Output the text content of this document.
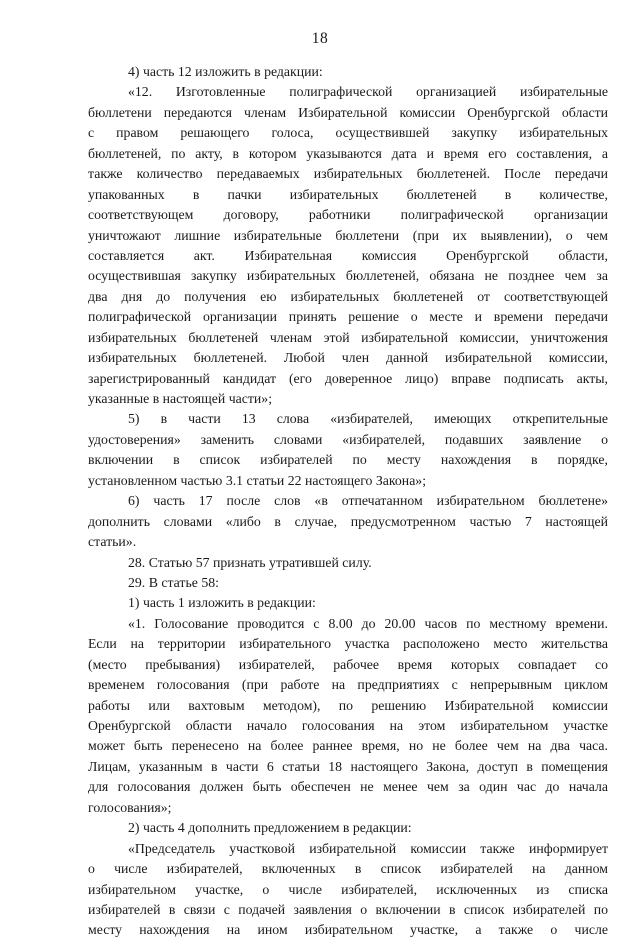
18
4) часть 12 изложить в редакции:
«12. Изготовленные полиграфической организацией избирательные
бюллетени передаются членам Избирательной комиссии Оренбургской области
с правом решающего голоса, осуществившей закупку избирательных
бюллетеней, по акту, в котором указываются дата и время его составления, а
также количество передаваемых избирательных бюллетеней. После передачи
упакованных в пачки избирательных бюллетеней в количестве,
соответствующем договору, работники полиграфической организации
уничтожают лишние избирательные бюллетени (при их выявлении), о чем
составляется акт. Избирательная комиссия Оренбургской области,
осуществившая закупку избирательных бюллетеней, обязана не позднее чем за
два дня до получения ею избирательных бюллетеней от соответствующей
полиграфической организации принять решение о месте и времени передачи
избирательных бюллетеней членам этой избирательной комиссии, уничтожения
избирательных бюллетеней. Любой член данной избирательной комиссии,
зарегистрированный кандидат (его доверенное лицо) вправе подписать акты,
указанные в настоящей части»;
5) в части 13 слова «избирателей, имеющих открепительные
удостоверения» заменить словами «избирателей, подавших заявление о
включении в список избирателей по месту нахождения в порядке,
установленном частью 3.1 статьи 22 настоящего Закона»;
6) часть 17 после слов «в отпечатанном избирательном бюллетене»
дополнить словами «либо в случае, предусмотренном частью 7 настоящей
статьи».
28. Статью 57 признать утратившей силу.
29. В статье 58:
1) часть 1 изложить в редакции:
«1. Голосование проводится с 8.00 до 20.00 часов по местному времени.
Если на территории избирательного участка расположено место жительства
(место пребывания) избирателей, рабочее время которых совпадает со
временем голосования (при работе на предприятиях с непрерывным циклом
работы или вахтовым методом), по решению Избирательной комиссии
Оренбургской области начало голосования на этом избирательном участке
может быть перенесено на более раннее время, но не более чем на два часа.
Лицам, указанным в части 6 статьи 18 настоящего Закона, доступ в помещения
для голосования должен быть обеспечен не менее чем за один час до начала
голосования»;
2) часть 4 дополнить предложением в редакции:
«Председатель участковой избирательной комиссии также информирует
о числе избирателей, включенных в список избирателей на данном
избирательном участке, о числе избирателей, исключенных из списка
избирателей в связи с подачей заявления о включении в список избирателей по
месту нахождения на ином избирательном участке, а также о числе
